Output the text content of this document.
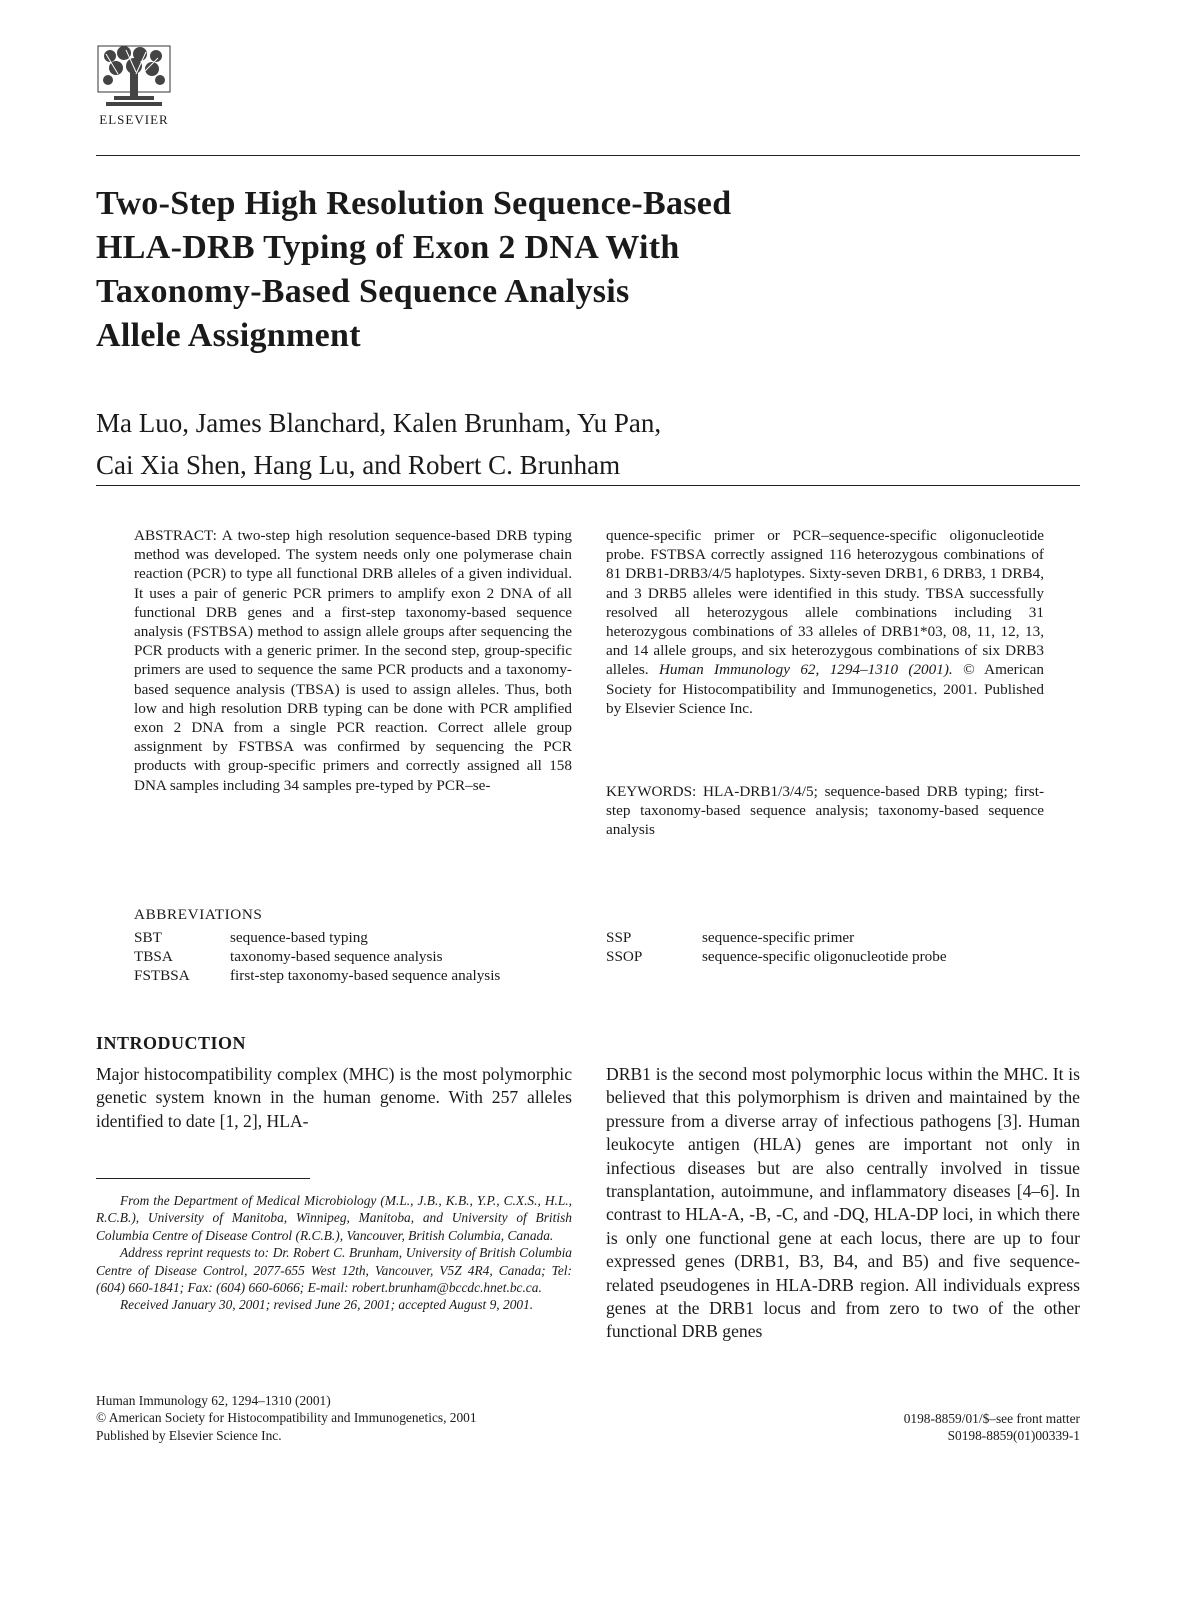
ELSEVIER
Two-Step High Resolution Sequence-Based
HLA-DRB Typing of Exon 2 DNA With
Taxonomy-Based Sequence Analysis
Allele Assignment
Ma Luo, James Blanchard, Kalen Brunham, Yu Pan,
Cai Xia Shen, Hang Lu, and Robert C. Brunham
ABSTRACT: A two-step high resolution sequence-based DRB typing method was developed. The system needs only one polymerase chain reaction (PCR) to type all functional DRB alleles of a given individual. It uses a pair of generic PCR primers to amplify exon 2 DNA of all functional DRB genes and a first-step taxonomy-based sequence analysis (FSTBSA) method to assign allele groups after sequencing the PCR products with a generic primer. In the second step, group-specific primers are used to sequence the same PCR products and a taxonomy-based sequence analysis (TBSA) is used to assign alleles. Thus, both low and high resolution DRB typing can be done with PCR amplified exon 2 DNA from a single PCR reaction. Correct allele group assignment by FSTBSA was confirmed by sequencing the PCR products with group-specific primers and correctly assigned all 158 DNA samples including 34 samples pre-typed by PCR–se-
quence-specific primer or PCR–sequence-specific oligonucleotide probe. FSTBSA correctly assigned 116 heterozygous combinations of 81 DRB1-DRB3/4/5 haplotypes. Sixty-seven DRB1, 6 DRB3, 1 DRB4, and 3 DRB5 alleles were identified in this study. TBSA successfully resolved all heterozygous allele combinations including 31 heterozygous combinations of 33 alleles of DRB1*03, 08, 11, 12, 13, and 14 allele groups, and six heterozygous combinations of six DRB3 alleles. Human Immunology 62, 1294–1310 (2001). © American Society for Histocompatibility and Immunogenetics, 2001. Published by Elsevier Science Inc.
KEYWORDS: HLA-DRB1/3/4/5; sequence-based DRB typing; first-step taxonomy-based sequence analysis; taxonomy-based sequence analysis
ABBREVIATIONS
SBT	sequence-based typing
TBSA	taxonomy-based sequence analysis
FSTBSA	first-step taxonomy-based sequence analysis
SSP	sequence-specific primer
SSOP	sequence-specific oligonucleotide probe
INTRODUCTION
Major histocompatibility complex (MHC) is the most polymorphic genetic system known in the human genome. With 257 alleles identified to date [1, 2], HLA-
DRB1 is the second most polymorphic locus within the MHC. It is believed that this polymorphism is driven and maintained by the pressure from a diverse array of infectious pathogens [3]. Human leukocyte antigen (HLA) genes are important not only in infectious diseases but are also centrally involved in tissue transplantation, autoimmune, and inflammatory diseases [4–6]. In contrast to HLA-A, -B, -C, and -DQ, HLA-DP loci, in which there is only one functional gene at each locus, there are up to four expressed genes (DRB1, B3, B4, and B5) and five sequence-related pseudogenes in HLA-DRB region. All individuals express genes at the DRB1 locus and from zero to two of the other functional DRB genes

From the Department of Medical Microbiology (M.L., J.B., K.B., Y.P., C.X.S., H.L., R.C.B.), University of Manitoba, Winnipeg, Manitoba, and University of British Columbia Centre of Disease Control (R.C.B.), Vancouver, British Columbia, Canada.

Address reprint requests to: Dr. Robert C. Brunham, University of British Columbia Centre of Disease Control, 2077-655 West 12th, Vancouver, V5Z 4R4, Canada; Tel: (604) 660-1841; Fax: (604) 660-6066; E-mail: robert.brunham@bccdc.hnet.bc.ca.

Received January 30, 2001; revised June 26, 2001; accepted August 9, 2001.

Human Immunology 62, 1294–1310 (2001)
© American Society for Histocompatibility and Immunogenetics, 2001
Published by Elsevier Science Inc.
0198-8859/01/$–see front matter
S0198-8859(01)00339-1
